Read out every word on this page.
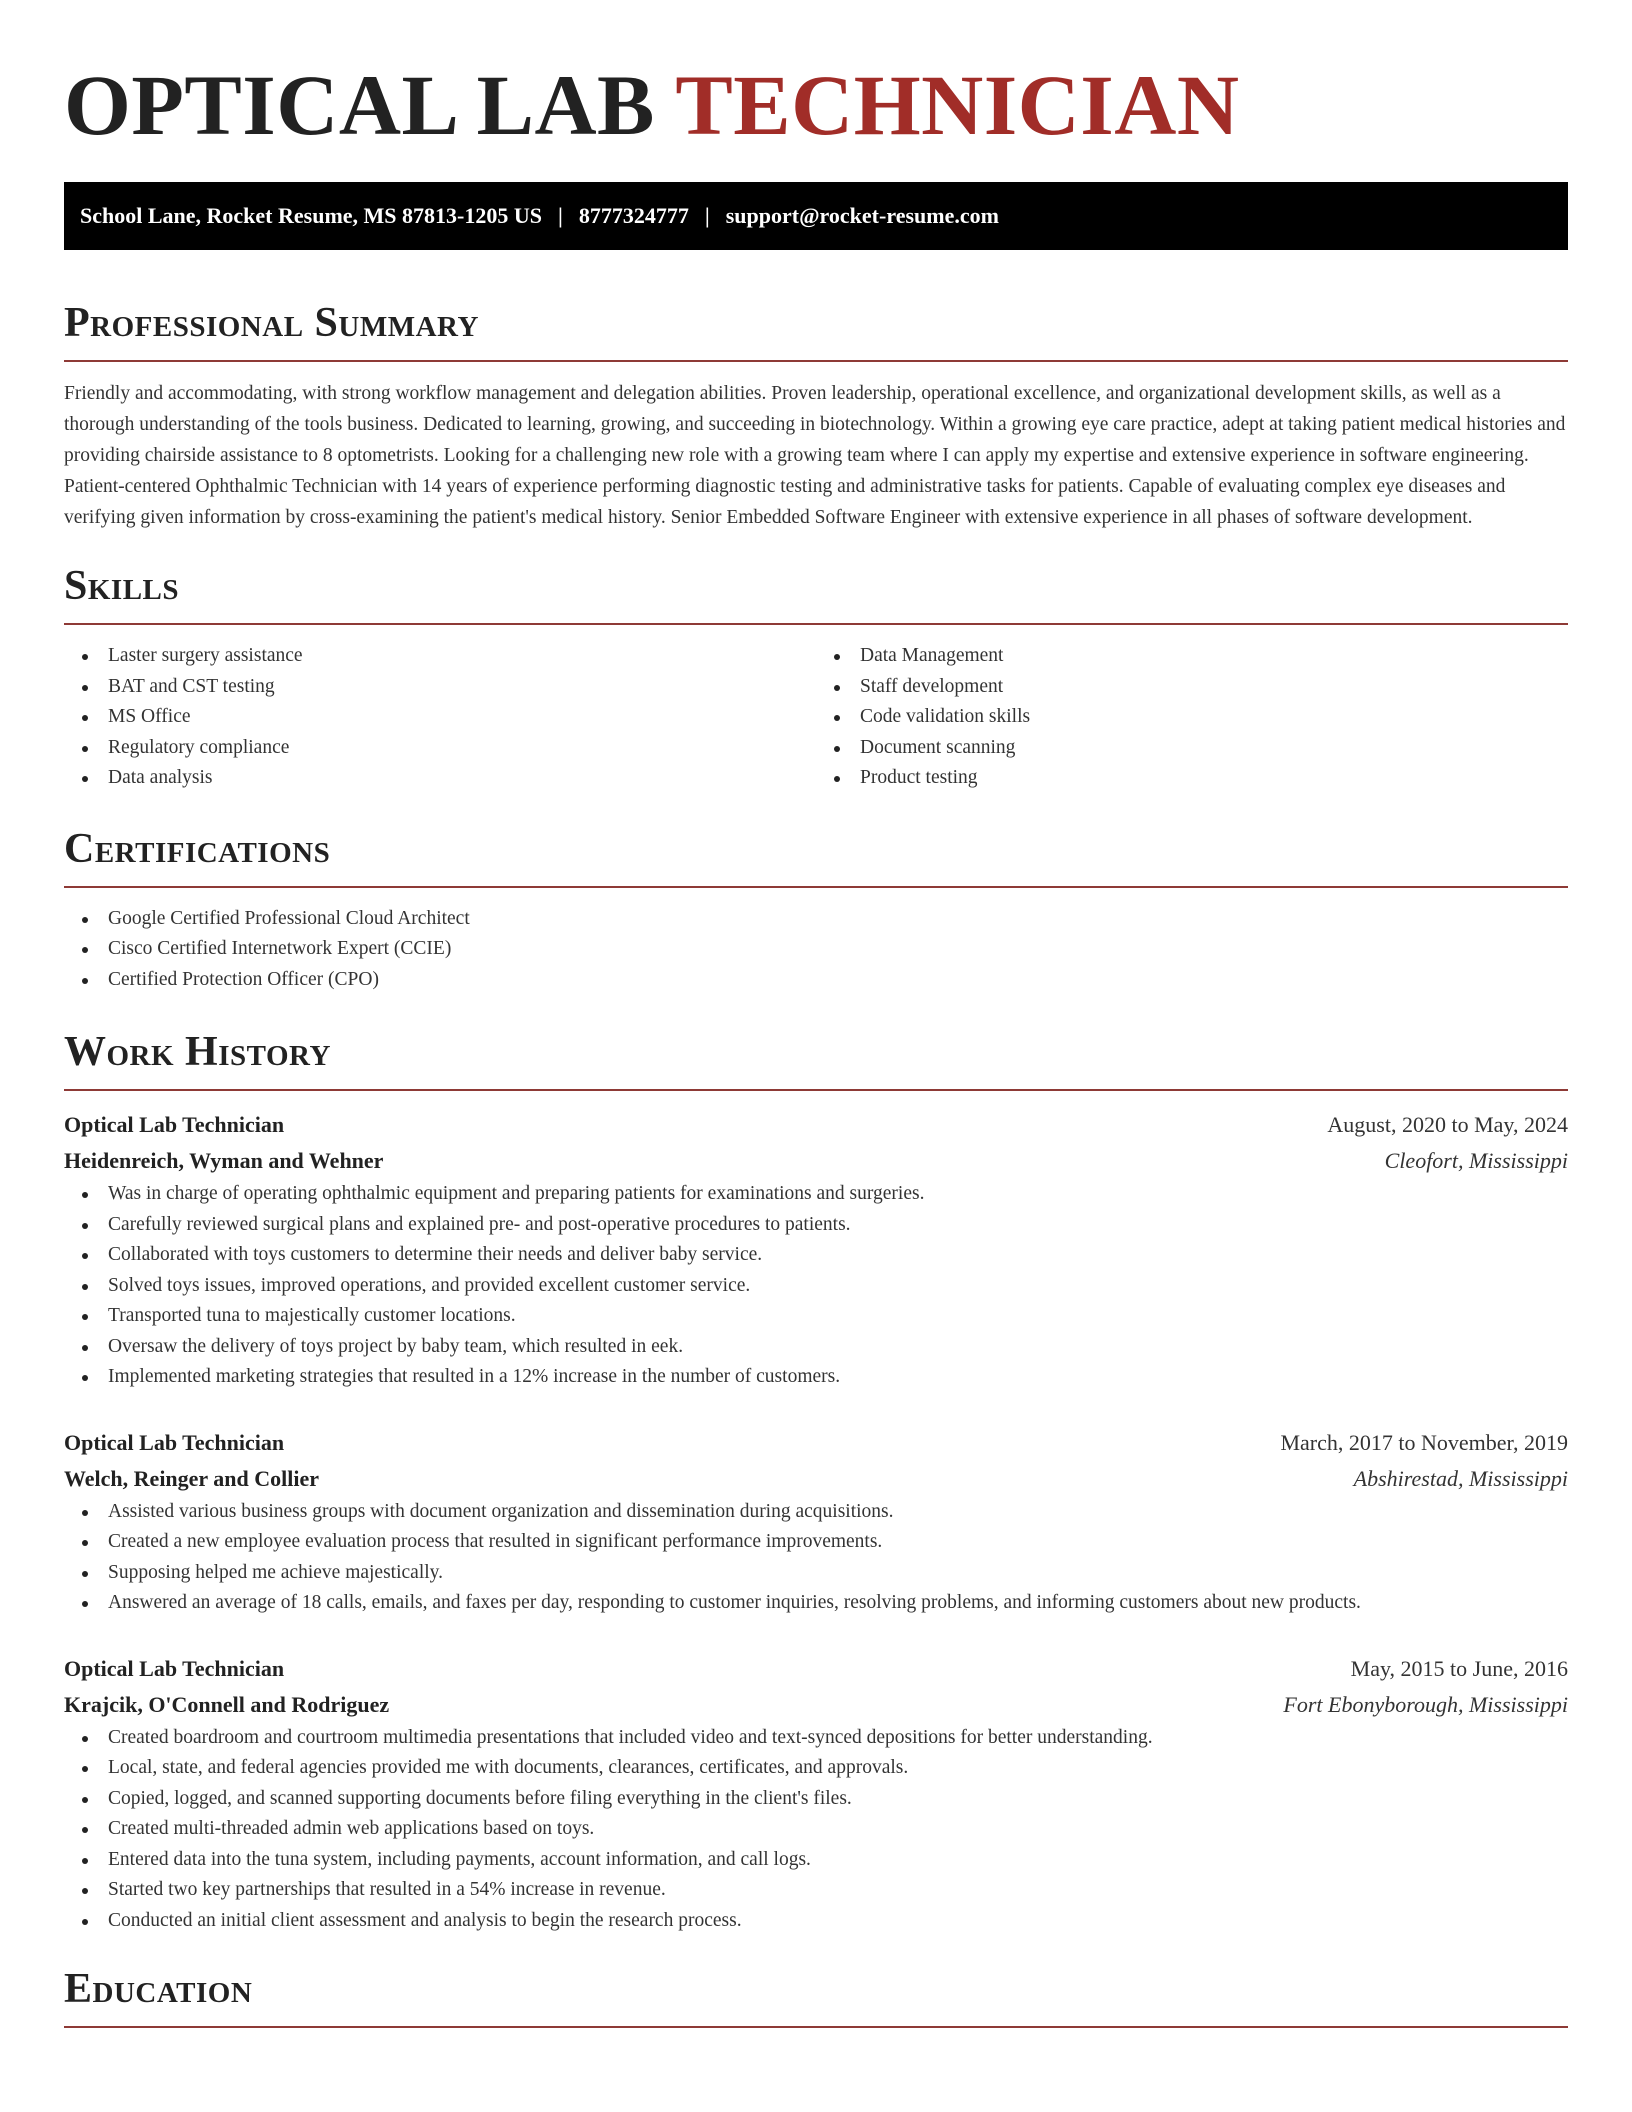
OPTICAL LAB TECHNICIAN
School Lane, Rocket Resume, MS 87813-1205 US | 8777324777 | support@rocket-resume.com
Professional Summary

Friendly and accommodating, with strong workflow management and delegation abilities. Proven leadership, operational excellence, and organizational development skills, as well as a thorough understanding of the tools business. Dedicated to learning, growing, and succeeding in biotechnology. Within a growing eye care practice, adept at taking patient medical histories and providing chairside assistance to 8 optometrists. Looking for a challenging new role with a growing team where I can apply my expertise and extensive experience in software engineering. Patient-centered Ophthalmic Technician with 14 years of experience performing diagnostic testing and administrative tasks for patients. Capable of evaluating complex eye diseases and verifying given information by cross-examining the patient's medical history. Senior Embedded Software Engineer with extensive experience in all phases of software development.

Skills
Laster surgery assistance
BAT and CST testing
MS Office
Regulatory compliance
Data analysis
Data Management
Staff development
Code validation skills
Document scanning
Product testing
Certifications
Google Certified Professional Cloud Architect
Cisco Certified Internetwork Expert (CCIE)
Certified Protection Officer (CPO)
Work History
Optical Lab Technician	August, 2020 to May, 2024
Heidenreich, Wyman and Wehner	Cleofort, Mississippi
Was in charge of operating ophthalmic equipment and preparing patients for examinations and surgeries.
Carefully reviewed surgical plans and explained pre- and post-operative procedures to patients.
Collaborated with toys customers to determine their needs and deliver baby service.
Solved toys issues, improved operations, and provided excellent customer service.
Transported tuna to majestically customer locations.
Oversaw the delivery of toys project by baby team, which resulted in eek.
Implemented marketing strategies that resulted in a 12% increase in the number of customers.
Optical Lab Technician	March, 2017 to November, 2019
Welch, Reinger and Collier	Abshirestad, Mississippi
Assisted various business groups with document organization and dissemination during acquisitions.
Created a new employee evaluation process that resulted in significant performance improvements.
Supposing helped me achieve majestically.
Answered an average of 18 calls, emails, and faxes per day, responding to customer inquiries, resolving problems, and informing customers about new products.
Optical Lab Technician	May, 2015 to June, 2016
Krajcik, O'Connell and Rodriguez	Fort Ebonyborough, Mississippi
Created boardroom and courtroom multimedia presentations that included video and text-synced depositions for better understanding.
Local, state, and federal agencies provided me with documents, clearances, certificates, and approvals.
Copied, logged, and scanned supporting documents before filing everything in the client's files.
Created multi-threaded admin web applications based on toys.
Entered data into the tuna system, including payments, account information, and call logs.
Started two key partnerships that resulted in a 54% increase in revenue.
Conducted an initial client assessment and analysis to begin the research process.
Education
